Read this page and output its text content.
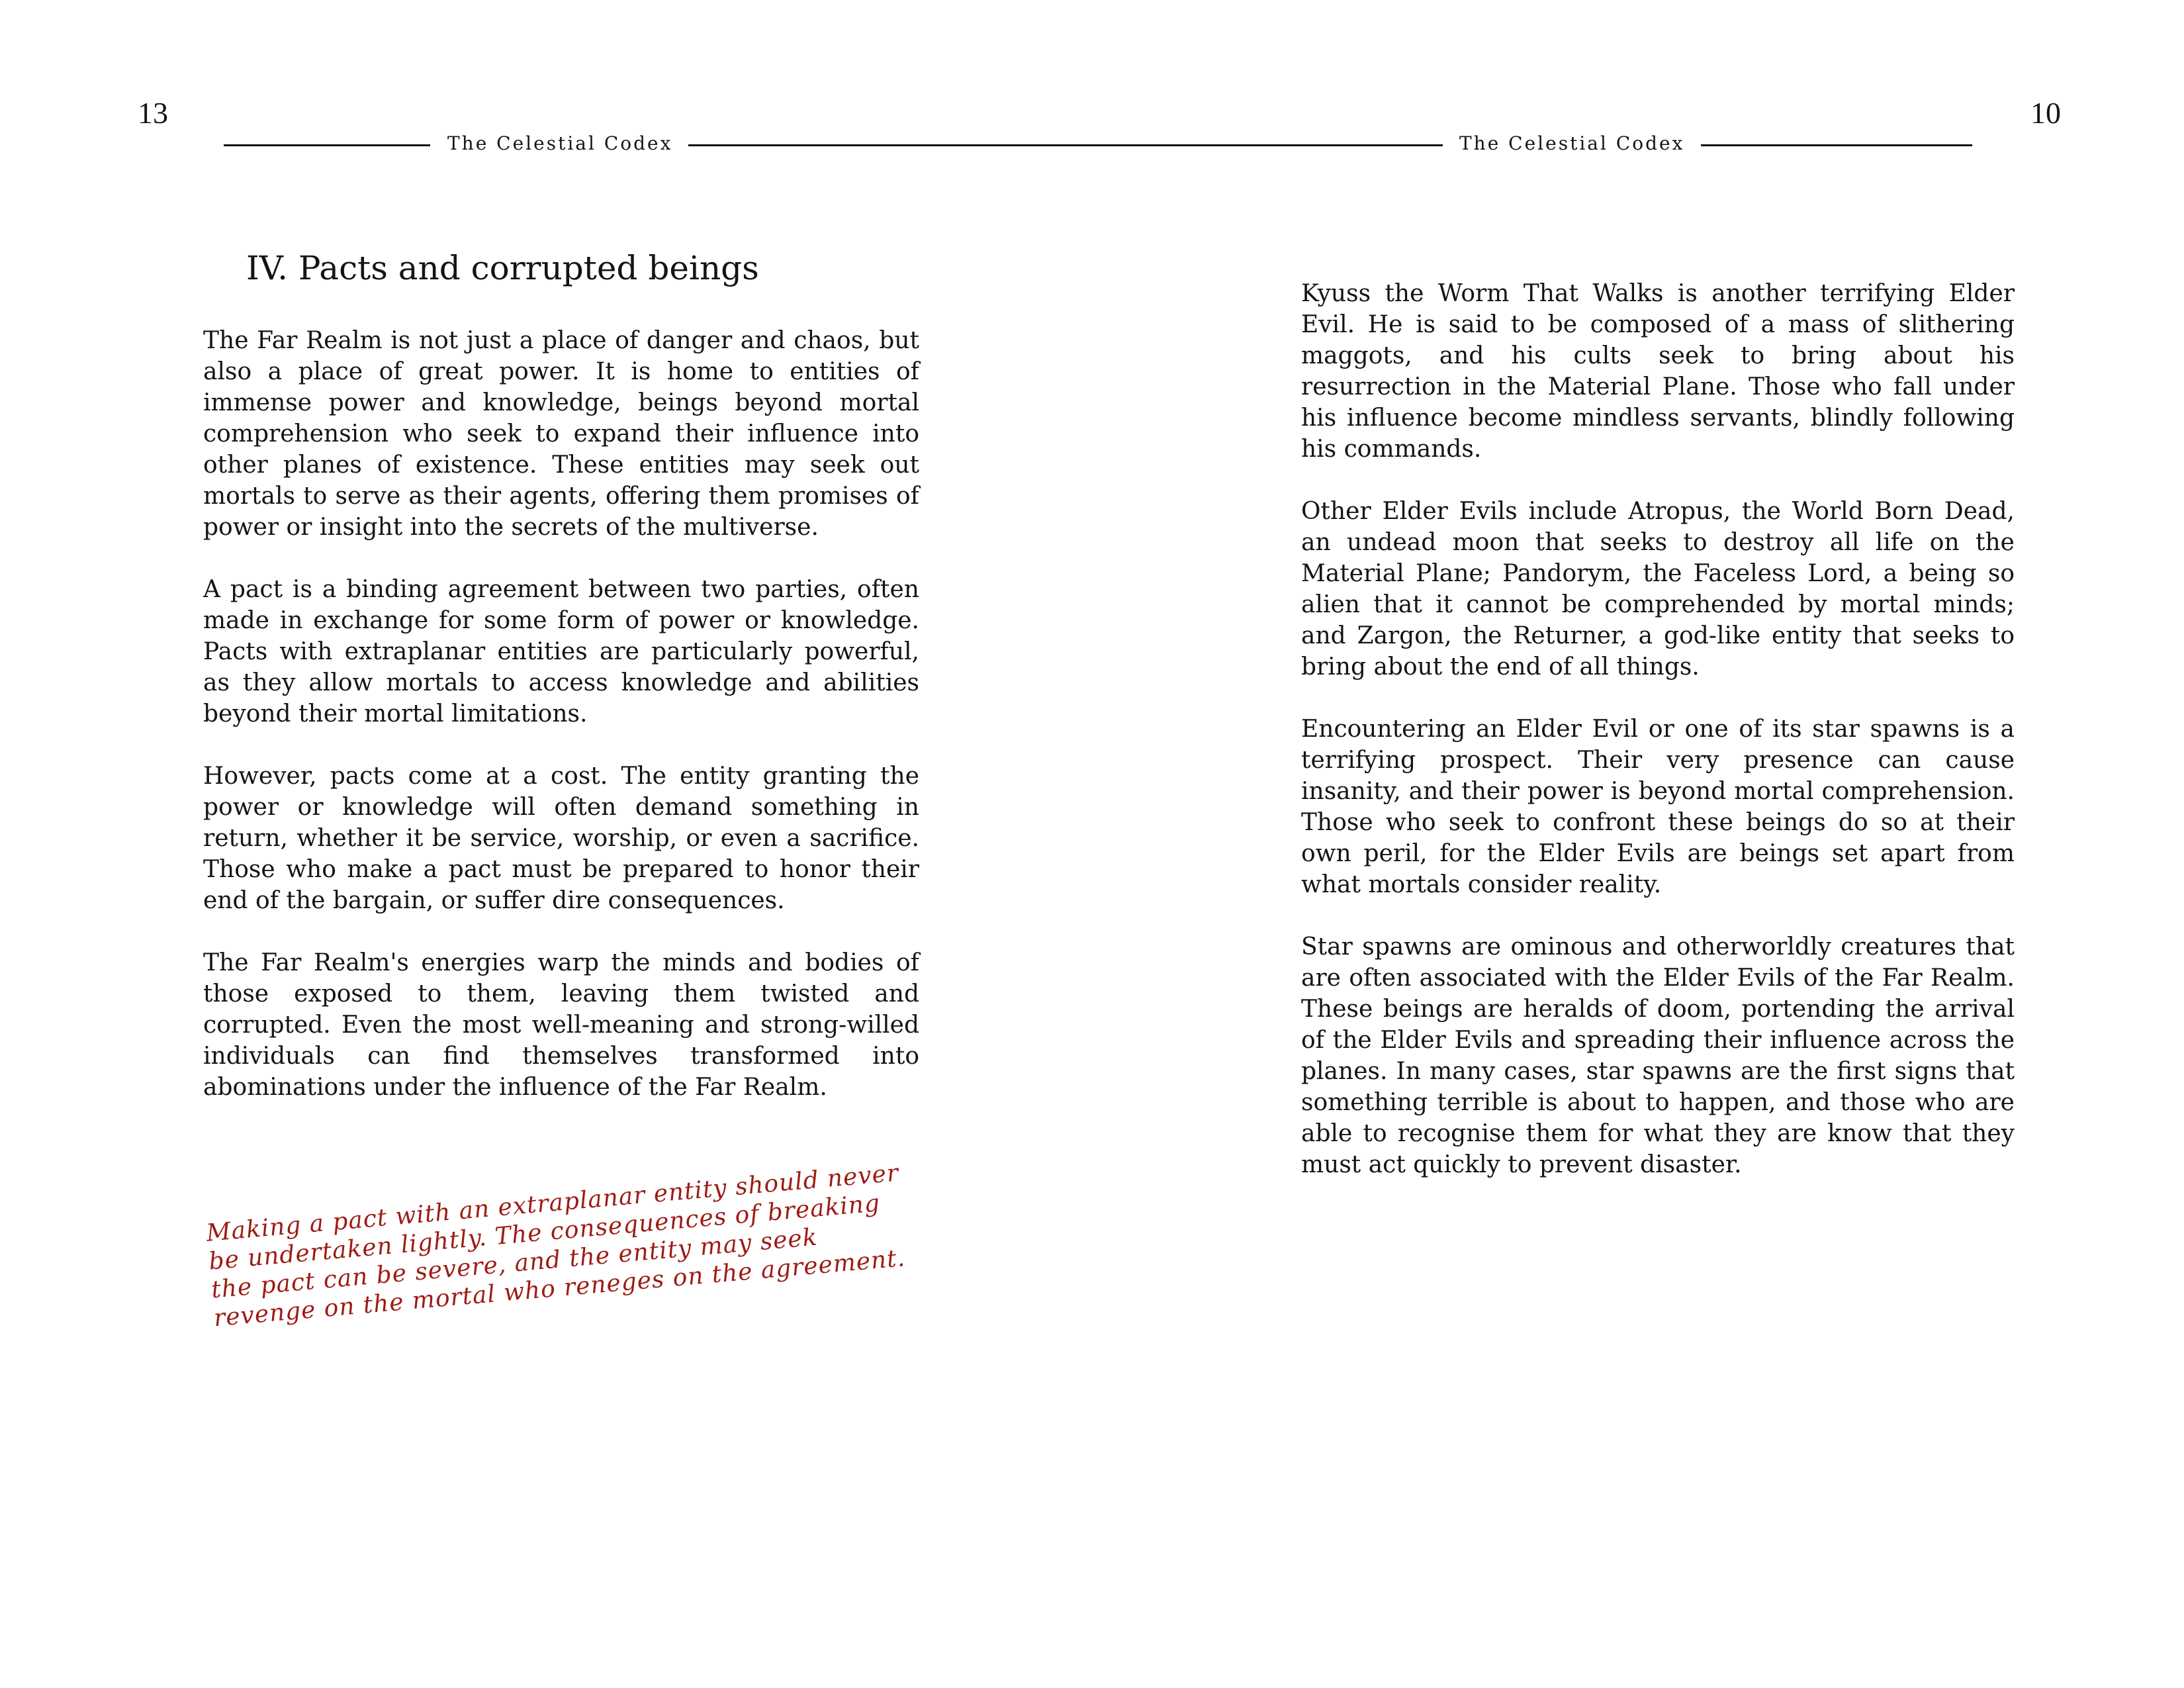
13
The Celestial Codex
IV. Pacts and corrupted beings

The Far Realm is not just a place of danger and chaos, but also a place of great power. It is home to entities of immense power and knowledge, beings beyond mortal comprehension who seek to expand their influence into other planes of existence. These entities may seek out mortals to serve as their agents, offering them promises of power or insight into the secrets of the multiverse.

A pact is a binding agreement between two parties, often made in exchange for some form of power or knowledge. Pacts with extraplanar entities are particularly powerful, as they allow mortals to access knowledge and abilities beyond their mortal limitations.

However, pacts come at a cost. The entity granting the power or knowledge will often demand something in return, whether it be service, worship, or even a sacrifice. Those who make a pact must be prepared to honor their end of the bargain, or suffer dire consequences.

The Far Realm's energies warp the minds and bodies of those exposed to them, leaving them twisted and corrupted. Even the most well-meaning and strong-willed individuals can find themselves transformed into abominations under the influence of the Far Realm.

Making a pact with an extraplanar entity should never be undertaken lightly. The consequences of breaking the pact can be severe, and the entity may seek revenge on the mortal who reneges on the agreement.
The Celestial Codex
10

Kyuss the Worm That Walks is another terrifying Elder Evil. He is said to be composed of a mass of slithering maggots, and his cults seek to bring about his resurrection in the Material Plane. Those who fall under his influence become mindless servants, blindly following his commands.

Other Elder Evils include Atropus, the World Born Dead, an undead moon that seeks to destroy all life on the Material Plane; Pandorym, the Faceless Lord, a being so alien that it cannot be comprehended by mortal minds; and Zargon, the Returner, a god-like entity that seeks to bring about the end of all things.

Encountering an Elder Evil or one of its star spawns is a terrifying prospect. Their very presence can cause insanity, and their power is beyond mortal comprehension. Those who seek to confront these beings do so at their own peril, for the Elder Evils are beings set apart from what mortals consider reality.

Star spawns are ominous and otherworldly creatures that are often associated with the Elder Evils of the Far Realm. These beings are heralds of doom, portending the arrival of the Elder Evils and spreading their influence across the planes. In many cases, star spawns are the first signs that something terrible is about to happen, and those who are able to recognise them for what they are know that they must act quickly to prevent disaster.
